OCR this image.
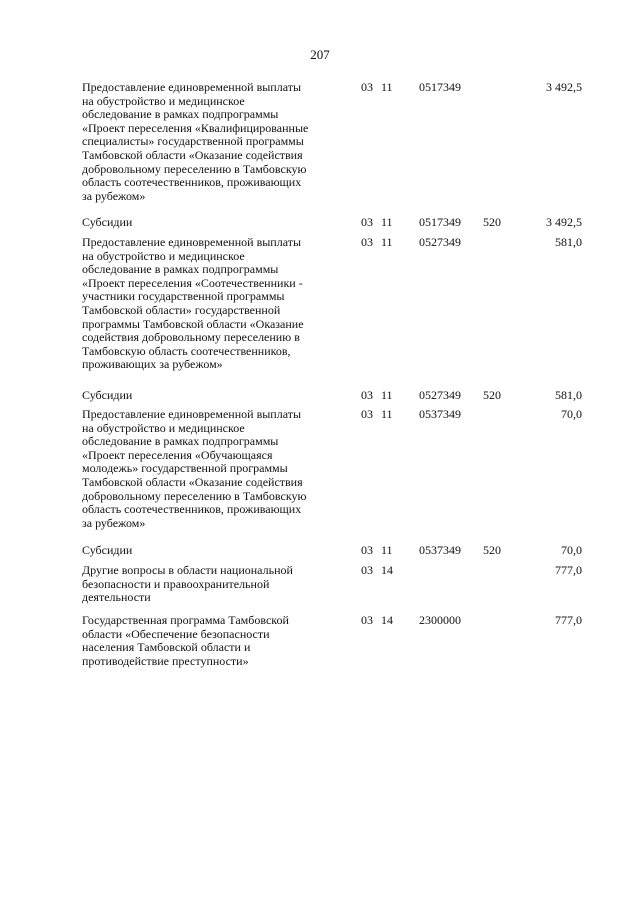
207
Предоставление единовременной выплаты
на обустройство и медицинское
обследование в рамках подпрограммы
«Проект переселения «Квалифицированные
специалисты» государственной программы
Тамбовской области «Оказание содействия
добровольному переселению в Тамбовскую
область соотечественников, проживающих
за рубежом»
03 11	0517349	3 492,5
Субсидии	03 11	0517349	520	3 492,5
Предоставление единовременной выплаты
на обустройство и медицинское
обследование в рамках подпрограммы
«Проект переселения «Соотечественники -
участники государственной программы
Тамбовской области» государственной
программы Тамбовской области «Оказание
содействия добровольному переселению в
Тамбовскую область соотечественников,
проживающих за рубежом»
03 11	0527349	581,0
Субсидии	03 11	0527349	520	581,0
Предоставление единовременной выплаты
на обустройство и медицинское
обследование в рамках подпрограммы
«Проект переселения «Обучающаяся
молодежь» государственной программы
Тамбовской области «Оказание содействия
добровольному переселению в Тамбовскую
область соотечественников, проживающих
за рубежом»
03 11	0537349	70,0
Субсидии	03 11	0537349	520	70,0
Другие вопросы в области национальной
безопасности и правоохранительной
деятельности
03 14	777,0
Государственная программа Тамбовской
области «Обеспечение безопасности
населения Тамбовской области и
противодействие преступности»
03 14	2300000	777,0
